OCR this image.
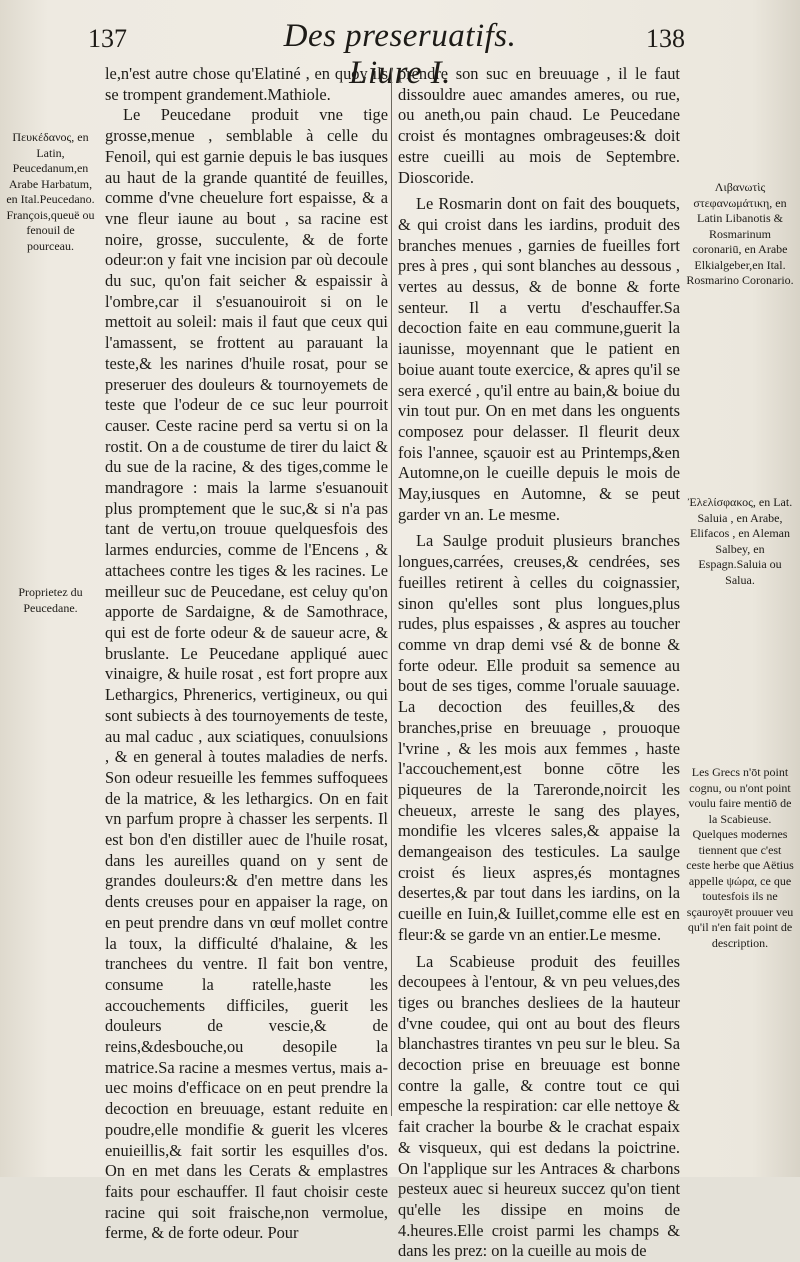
137	Des preseruatifs. Liure I.
138
Πευκέδανος, en Latin, Peucedanum,en Arabe Harbatum, en Ital.Peucedano. François,queuë ou fenouil de pourceau.
Proprietez du Peucedane.

le,n'est autre chose qu'Elatiné , en quoy ils se trompent grandement.Mathiole.

Le Peucedane produit vne tige grosse,menue , semblable à celle du Fenoil, qui est garnie depuis le bas iusques au haut de la grande quantité de feuilles, comme d'vne cheuelure fort espaisse, & a vne fleur iaune au bout , sa racine est noire, grosse, succulente, & de forte odeur:on y fait vne incision par où decoule du suc, qu'on fait seicher & espaissir à l'ombre,car il s'esuanouiroit si on le mettoit au soleil: mais il faut que ceux qui l'amassent, se frottent au parauant la teste,& les narines d'huile rosat, pour se preseruer des douleurs & tournoyemets de teste que l'odeur de ce suc leur pourroit causer. Ceste racine perd sa vertu si on la rostit. On a de coustume de tirer du laict & du sue de la racine, & des tiges,comme le mandragore : mais la larme s'esuanouit plus promptement que le suc,& si n'a pas tant de vertu,on trouue quelquesfois des larmes endurcies, comme de l'Encens , & attachees contre les tiges & les racines. Le meilleur suc de Peucedane, est celuy qu'on apporte de Sardaigne, & de Samothrace, qui est de forte odeur & de saueur acre, & bruslante. Le Peucedane appliqué auec vinaigre, & huile rosat , est fort propre aux Lethargics, Phrenerics, vertigineux, ou qui sont subiects à des tournoyements de teste, au mal caduc , aux sciatiques, conuulsions , & en general à toutes maladies de nerfs. Son odeur resueille les femmes suffoquees de la matrice, & les lethargics. On en fait vn parfum propre à chasser les serpents. Il est bon d'en distiller auec de l'huile rosat, dans les aureilles quand on y sent de grandes douleurs:& d'en mettre dans les dents creuses pour en appaiser la rage, on en peut prendre dans vn œuf mollet contre la toux, la difficulté d'halaine, & les tranchees du ventre. Il fait bon ventre, consume la ratelle,haste les accouchements difficiles, guerit les douleurs de vescie,& de reins,&desbouche,ou desopile la matrice.Sa racine a mesmes vertus, mais a-uec moins d'efficace on en peut prendre la decoction en breuuage, estant reduite en poudre,elle mondifie & guerit les vlceres enuieillis,& fait sortir les esquilles d'os. On en met dans les Cerats & emplastres faits pour eschauffer. Il faut choisir ceste racine qui soit fraische,non vermolue, ferme, & de forte odeur. Pour

prendre son suc en breuuage , il le faut dissouldre auec amandes ameres, ou rue, ou aneth,ou pain chaud. Le Peucedane croist és montagnes ombrageuses:& doit estre cueilli au mois de Septembre. Dioscoride.

Le Rosmarin dont on fait des bouquets, & qui croist dans les iardins, produit des branches menues , garnies de fueilles fort pres à pres , qui sont blanches au dessous , vertes au dessus, & de bonne & forte senteur. Il a vertu d'eschauffer.Sa decoction faite en eau commune,guerit la iaunisse, moyennant que le patient en boiue auant toute exercice, & apres qu'il se sera exercé , qu'il entre au bain,& boiue du vin tout pur. On en met dans les onguents composez pour delasser. Il fleurit deux fois l'annee, sçauoir est au Printemps,&en Automne,on le cueille depuis le mois de May,iusques en Automne, & se peut garder vn an. Le mesme.

La Saulge produit plusieurs branches longues,carrées, creuses,& cendrées, ses fueilles retirent à celles du coignassier, sinon qu'elles sont plus longues,plus rudes, plus espaisses , & aspres au toucher comme vn drap demi vsé & de bonne & forte odeur. Elle produit sa semence au bout de ses tiges, comme l'oruale sauuage. La decoction des feuilles,& des branches,prise en breuuage , prouoque l'vrine , & les mois aux femmes , haste l'accouchement,est bonne cōtre les piqueures de la Tareronde,noircit les cheueux, arreste le sang des playes, mondifie les vlceres sales,& appaise la demangeaison des testicules. La saulge croist és lieux aspres,és montagnes desertes,& par tout dans les iardins, on la cueille en Iuin,& Iuillet,comme elle est en fleur:& se garde vn an entier.Le mesme.

La Scabieuse produit des feuilles decoupees à l'entour, & vn peu velues,des tiges ou branches desliees de la hauteur d'vne coudee, qui ont au bout des fleurs blanchastres tirantes vn peu sur le bleu. Sa decoction prise en breuuage est bonne contre la galle, & contre tout ce qui empesche la respiration: car elle nettoye & fait cracher la bourbe & le crachat espaix & visqueux, qui est dedans la poictrine. On l'applique sur les Antraces & charbons pesteux auec si heureux succez qu'on tient qu'elle les dissipe en moins de 4.heures.Elle croist parmi les champs & dans les prez: on la cueille au mois de

Λιβανωτὶς στεφανωμάτικη, en Latin Libanotis & Rosmarinum coronariū, en Arabe Elkialgeber,en Ital. Rosmarino Coronario.
Ἐλελίσφακος, en Lat. Saluia , en Arabe, Elifacos , en Aleman Salbey, en Espagn.Saluia ou Salua.
Les Grecs n'ōt point cognu, ou n'ont point voulu faire mentiō de la Scabieuse. Quelques modernes tiennent que c'est ceste herbe que Aëtius appelle ψώρα, ce que toutesfois ils ne sçauroyēt prouuer veu qu'il n'en fait point de description.
